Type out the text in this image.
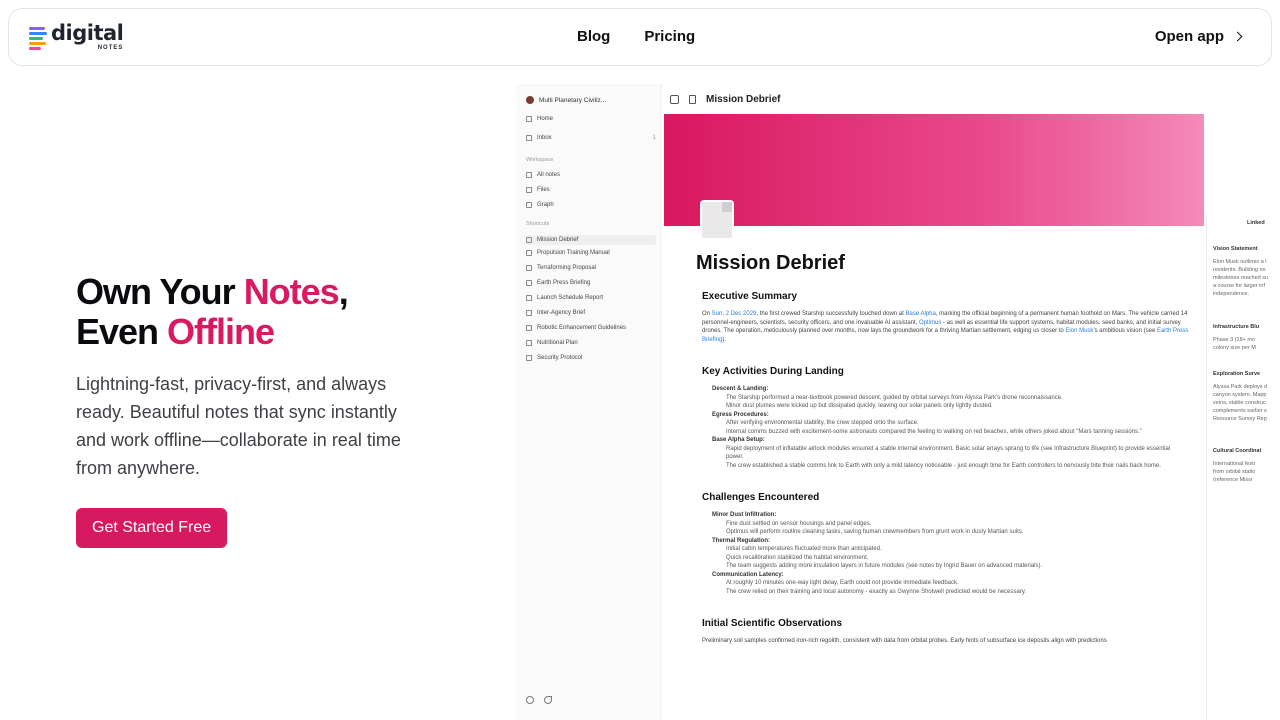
digital
NOTES
Blog Pricing	Open app
Own Your Notes,
Even Offline

Lightning-fast, privacy-first, and always ready. Beautiful notes that sync instantly and work offline—collaborate in real time from anywhere.

Get Started Free
Multi Planetary Civiliz...
Home
Inbox	1
Workspace
All notes
Files
Graph
Shortcuts
Mission Debrief
Propulsion Training Manual
Terraforming Proposal
Earth Press Briefing
Launch Schedule Report
Inter-Agency Brief
Robotic Enhancement Guidelines
Nutritional Plan
Security Protocol
Mission Debrief
Mission Debrief
Executive Summary
On Sun, 2 Dec 2029, the first crewed Starship successfully touched down at Base Alpha, marking the official beginning of a permanent human foothold on Mars. The vehicle carried 14 personnel-engineers, scientists, security officers, and one invaluable AI assistant, Optimus - as well as essential life support systems, habitat modules, seed banks, and initial survey drones. The operation, meticulously planned over months, now lays the groundwork for a thriving Martian settlement, edging us closer to Elon Musk's ambitious vision (see Earth Press Briefing).
Key Activities During Landing
Descent & Landing:
The Starship performed a near-textbook powered descent, guided by orbital surveys from Alyssa Park's drone reconnaissance.
Minor dust plumes were kicked up but dissipated quickly, leaving our solar panels only lightly dusted.
Egress Procedures:
After verifying environmental stability, the crew stepped onto the surface.
Internal comms buzzed with excitement-some astronauts compared the feeling to walking on red beaches, while others joked about "Mars tanning sessions."
Base Alpha Setup:
Rapid deployment of inflatable airlock modules ensured a stable internal environment. Basic solar arrays sprang to life (see Infrastructure Blueprint) to provide essential power.
The crew established a stable comms link to Earth with only a mild latency noticeable - just enough time for Earth controllers to nervously bite their nails back home.
Challenges Encountered
Minor Dust Infiltration:
Fine dust settled on sensor housings and panel edges.
Optimus will perform routine cleaning tasks, saving human crewmembers from grunt work in dusty Martian suits.
Thermal Regulation:
Initial cabin temperatures fluctuated more than anticipated.
Quick recalibration stabilized the habitat environment.
The team suggests adding more insulation layers in future modules (see notes by Ingrid Bauer on advanced materials).
Communication Latency:
At roughly 10 minutes one-way light delay, Earth could not provide immediate feedback.
The crew relied on their training and local autonomy - exactly as Gwynne Shotwell predicted would be necessary.
Initial Scientific Observations
Preliminary soil samples confirmed iron-rich regolith, consistent with data from orbital probes. Early hints of subsurface ice deposits align with predictions
Linked
Vision Statement
Elon Musk outlines a l
residents. Building on
milestones reached su
a course for larger inf
independence.
Infrastructure Blu
Phase 3 (18+ mo
colony size per M
Exploration Surve
Alyssa Park deploys d
canyon system. Mapp
veins, stable construc
complements earlier s
Resource Survey Rep
Cultural Coordinat
International festi
from orbital statio
(reference Missi
